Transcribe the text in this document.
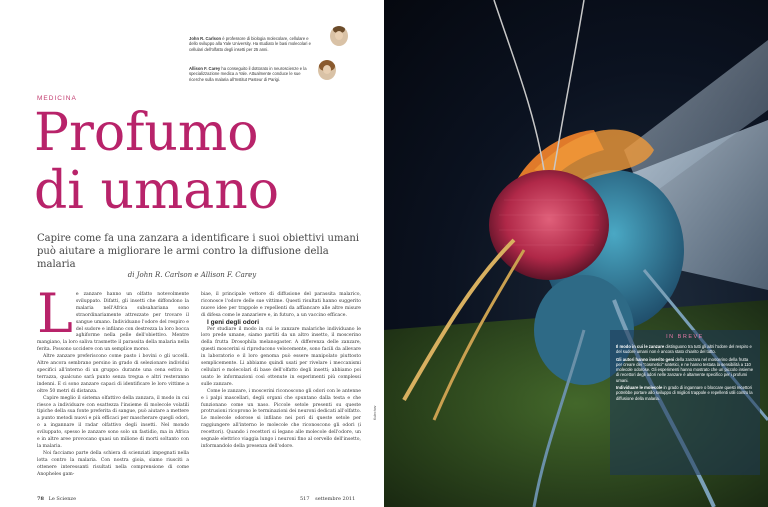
John R. Carlson è professore di biologia molecolare, cellulare e dello sviluppo alla Yale University. Ha studiato le basi molecolari e cellulari dell'olfatto degli insetti per 25 anni.
Allison F. Carey ha conseguito il dottorato in neuroscienze e la specializzazione medica a Yale. Attualmente conduce le sue ricerche sulla malaria all'Institut Pasteur di Parigi.
MEDICINA
Profumo
di umano
Capire come fa una zanzara a identificare i suoi obiettivi umani può aiutare a migliorare le armi contro la diffusione della malaria
di John R. Carlson e Allison F. Carey

Le zanzare hanno un olfatto notevolmente sviluppato. Difatti, gli insetti che diffondono la malaria nell'Africa subsahariana sono straordinariamente attrezzate per trovare il sangue umano. Individuano l'odore del respiro e del sudore e infilano con destrezza la loro bocca aghiforme nella pelle dell'obiettivo. Mentre mangiano, la loro saliva trasmette il parassita della malaria nella ferita. Possono uccidere con un semplice morso.

Altre zanzare preferiscono come pasto i bovini o gli uccelli. Altre ancora sembrano persino in grado di selezionare individui specifici all'interno di un gruppo: durante una cena estiva in terrazza, qualcuno sarà punto senza tregua e altri resteranno indenni. E ci sono zanzare capaci di identificare le loro vittime a oltre 50 metri di distanza.

Capire meglio il sistema olfattivo della zanzara, il modo in cui riesce a individuare con esattezza l'insieme di molecole volatili tipiche della sua fonte preferita di sangue, può aiutare a mettere a punto metodi nuovi e più efficaci per mascherare quegli odori, o a ingannare il radar olfattivo degli insetti. Nel mondo sviluppato, spesso le zanzare sono solo un fastidio, ma in Africa e in altre aree provocano quasi un milione di morti soltanto con la malaria.

Noi facciamo parte della schiera di scienziati impegnati nella lotta contro la malaria. Con nostra gioia, siamo riusciti a ottenere interessanti risultati nella comprensione di come Anopheles gam-

biae, il principale vettore di diffusione del parassita malarico, riconosce l'odore delle sue vittime. Questi risultati hanno suggerito nuove idee per trappole e repellenti da affiancare alle altre misure di difesa come le zanzariere e, in futuro, a un vaccino efficace.

I geni degli odori

Per studiare il modo in cui le zanzare malariche individuano le loro prede umane, siamo partiti da un altro insetto, il moscerino della frutta Drosophila melanogaster. A differenza delle zanzare, questi moscerini si riproducono velocemente, sono facili da allevare in laboratorio e il loro genoma può essere manipolato piuttosto semplicemente. Li abbiamo quindi usati per rivelare i meccanismi cellulari e molecolari di base dell'olfatto degli insetti; abbiamo poi usato le informazioni così ottenute in esperimenti più complessi sulle zanzare.

Come le zanzare, i moscerini riconoscono gli odori con le antenne e i palpi mascellari, degli organi che spuntano dalla testa e che funzionano come un naso. Piccole setole presenti su queste protrusioni ricoprono le terminazioni dei neuroni dedicati all'olfatto. Le molecole odorose si infilano nei pori di queste setole per raggiungere all'interno le molecole che riconoscono gli odori (i recettori). Quando i recettori si legano alle molecole dell'odore, un segnale elettrico viaggia lungo i neuroni fino al cervello dell'insetto, informandolo della presenza dell'odore.

78 Le Scienze	517 settembre 2011
Kulechov
IN BREVE
Il modo in cui le zanzare distinguono tra tutti gli altri l'odore del respiro e del sudore umani non è ancora stato chiarito del tutto.
Gli autori hanno inserito geni della zanzara nel moscerino della frutta per creare dei "cosmetici" sintetici, e ne hanno testata la sensibilità a 110 molecole odorose. Gli esperimenti hanno mostrato che un piccolo insieme di recettori degli odori nelle zanzare è altamente specifico per i profumi umani.
Individuare le molecole in grado di ingannare o bloccare questi recettori potrebbe portare allo sviluppo di migliori trappole e repellenti utili contro la diffusione della malaria.
